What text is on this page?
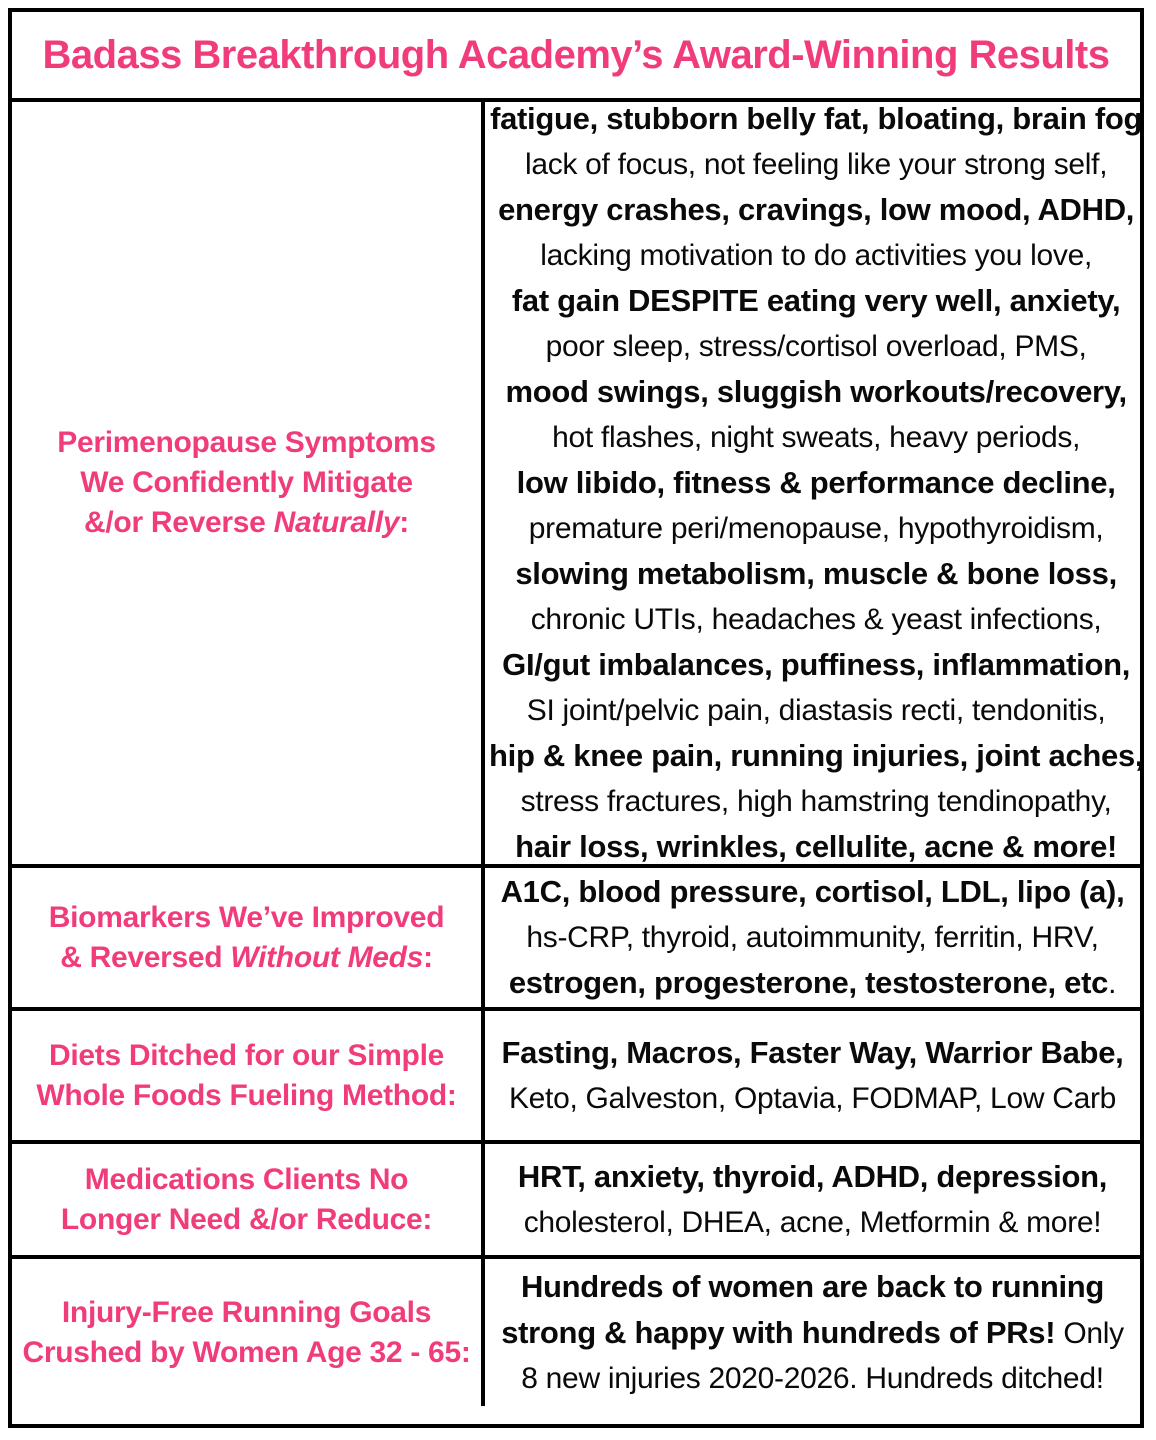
Badass Breakthrough Academy’s Award-Winning Results
Perimenopause Symptoms
We Confidently Mitigate
&/or Reverse Naturally:
fatigue, stubborn belly fat, bloating, brain fog
lack of focus, not feeling like your strong self,
energy crashes, cravings, low mood, ADHD,
lacking motivation to do activities you love,
fat gain DESPITE eating very well, anxiety,
poor sleep, stress/cortisol overload, PMS,
mood swings, sluggish workouts/recovery,
hot flashes, night sweats, heavy periods,
low libido, fitness & performance decline,
premature peri/menopause, hypothyroidism,
slowing metabolism, muscle & bone loss,
chronic UTIs, headaches & yeast infections,
GI/gut imbalances, puffiness, inflammation,
SI joint/pelvic pain, diastasis recti, tendonitis,
hip & knee pain, running injuries, joint aches,
stress fractures, high hamstring tendinopathy,
hair loss, wrinkles, cellulite, acne & more!
Biomarkers We’ve Improved
& Reversed Without Meds:
A1C, blood pressure, cortisol, LDL, lipo (a),
hs-CRP, thyroid, autoimmunity, ferritin, HRV,
estrogen, progesterone, testosterone, etc.
Diets Ditched for our Simple
Whole Foods Fueling Method:
Fasting, Macros, Faster Way, Warrior Babe,
Keto, Galveston, Optavia, FODMAP, Low Carb
Medications Clients No
Longer Need &/or Reduce:
HRT, anxiety, thyroid, ADHD, depression,
cholesterol, DHEA, acne, Metformin & more!
Injury-Free Running Goals
Crushed by Women Age 32 - 65:
Hundreds of women are back to running
strong & happy with hundreds of PRs! Only
8 new injuries 2020-2026. Hundreds ditched!
